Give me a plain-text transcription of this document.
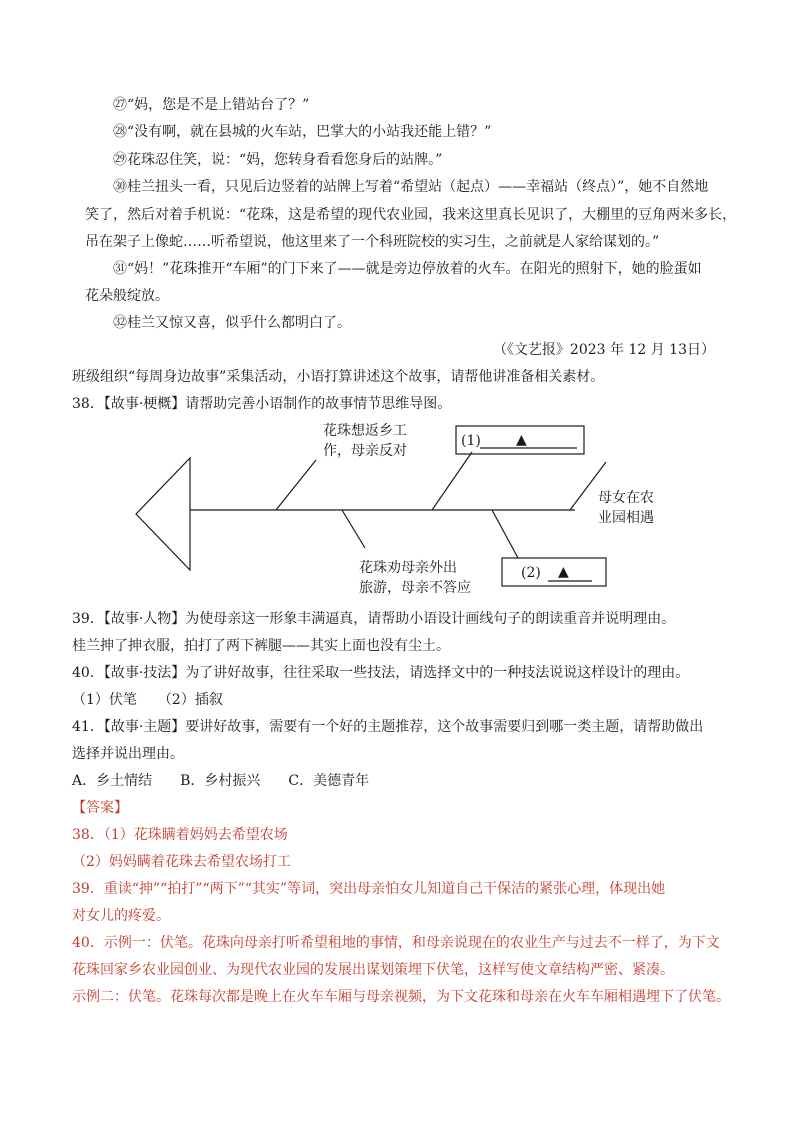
㉗“妈，您是不是上错站台了？”
㉘“没有啊，就在县城的火车站，巴掌大的小站我还能上错？”
㉙花珠忍住笑，说：“妈，您转身看看您身后的站牌。”
㉚桂兰扭头一看，只见后边竖着的站牌上写着“希望站（起点）——幸福站（终点）”，她不自然地
笑了，然后对着手机说：“花珠，这是希望的现代农业园，我来这里真长见识了，大棚里的豆角两米多长，
吊在架子上像蛇……听希望说，他这里来了一个科班院校的实习生，之前就是人家给谋划的。”
㉛“妈！”花珠推开“车厢”的门下来了——就是旁边停放着的火车。在阳光的照射下，她的脸蛋如
花朵般绽放。
㉜桂兰又惊又喜，似乎什么都明白了。
（《文艺报》2023 年 12 月 13日）
班级组织“每周身边故事”采集活动，小语打算讲述这个故事，请帮他讲准备相关素材。
38．【故事·梗概】请帮助完善小语制作的故事情节思维导图。
花珠想返乡工
作，母亲反对
(1)	▲
花珠劝母亲外出
旅游，母亲不答应
(2) ▲
母女在农
业园相遇
39．【故事·人物】为使母亲这一形象丰满逼真，请帮助小语设计画线句子的朗读重音并说明理由。
桂兰抻了抻衣服，拍打了两下裤腿——其实上面也没有尘土。
40．【故事·技法】为了讲好故事，往往采取一些技法，请选择文中的一种技法说说这样设计的理由。
（1）伏笔　　（2）插叙
41．【故事·主题】要讲好故事，需要有一个好的主题推荐，这个故事需要归到哪一类主题，请帮助做出
选择并说出理由。
A．乡土情结　　B．乡村振兴　　C．美德青年
【答案】
38．（1）花珠瞒着妈妈去希望农场
（2）妈妈瞒着花珠去希望农场打工
39．重读“抻”“拍打”“两下”“其实”等词，突出母亲怕女儿知道自己干保洁的紧张心理，体现出她
对女儿的疼爱。
40．示例一：伏笔。花珠向母亲打听希望租地的事情，和母亲说现在的农业生产与过去不一样了，为下文
花珠回家乡农业园创业、为现代农业园的发展出谋划策埋下伏笔，这样写使文章结构严密、紧凑。
示例二：伏笔。花珠每次都是晚上在火车车厢与母亲视频，为下文花珠和母亲在火车车厢相遇埋下了伏笔。
